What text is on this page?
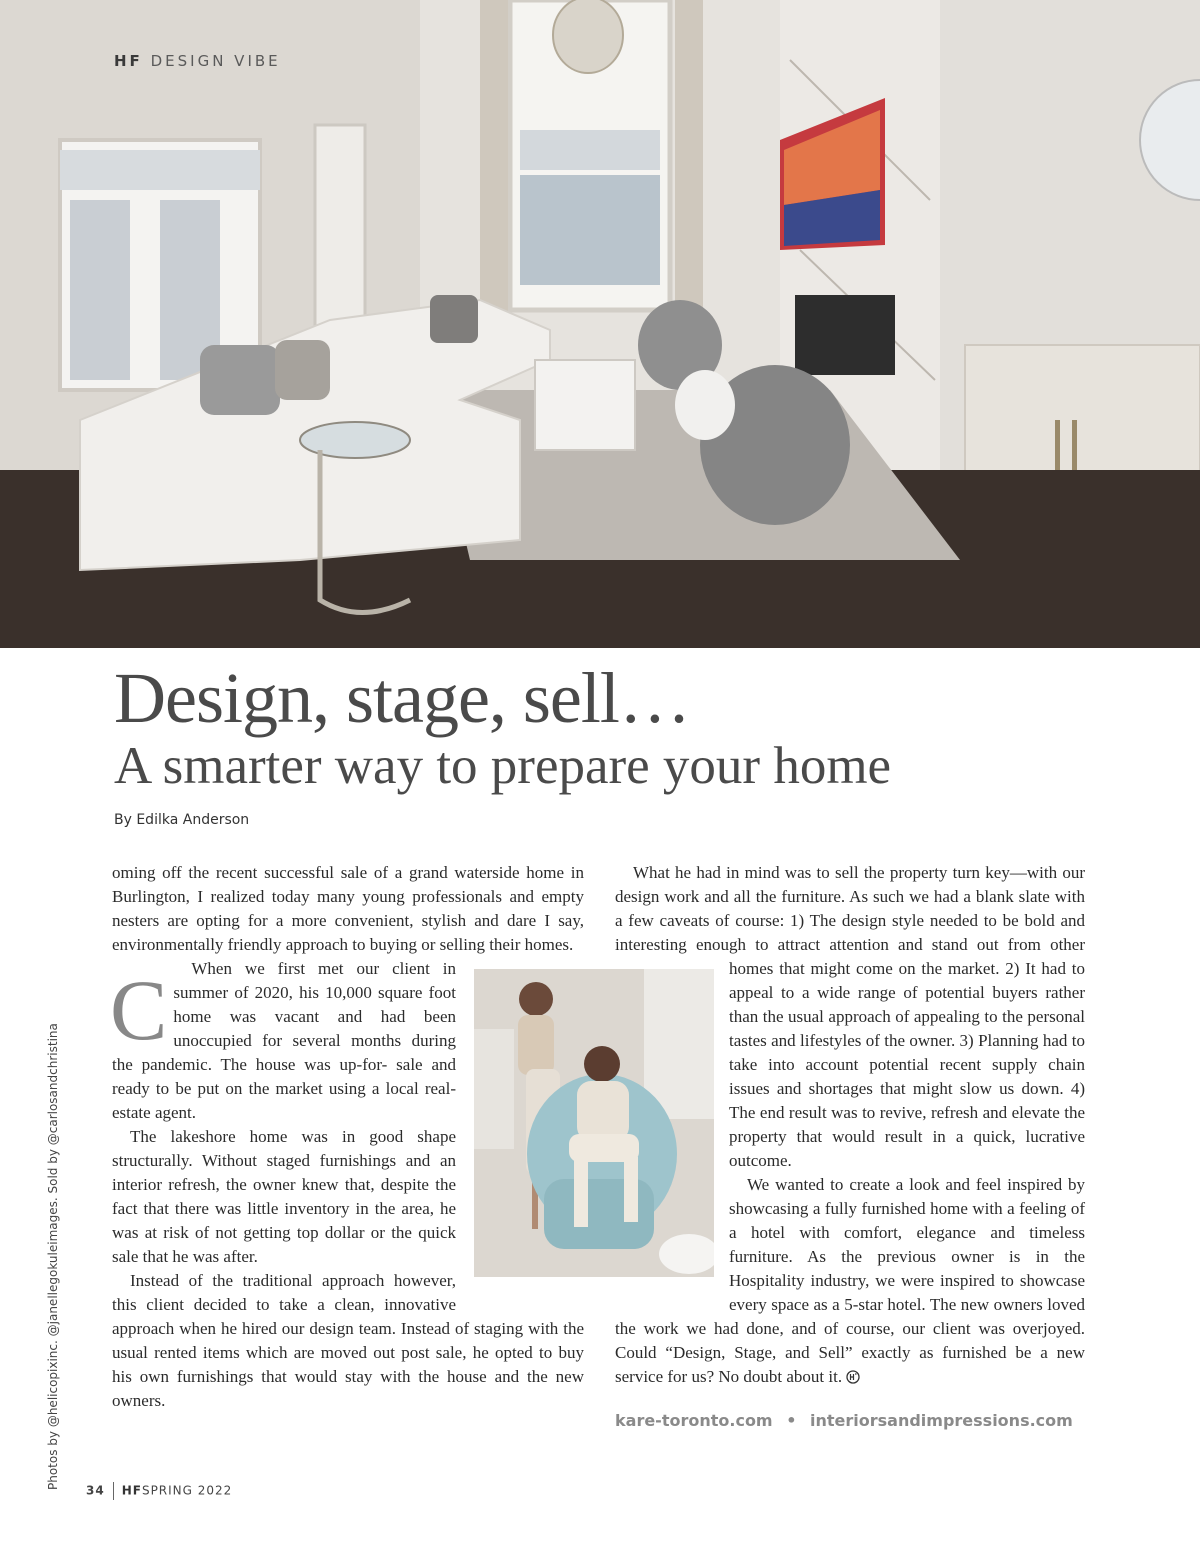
HF DESIGN VIBE
Design, stage, sell…
A smarter way to prepare your home
By Edilka Anderson

C
oming off the recent successful sale of a grand waterside home in Burlington, I realized today many young professionals and empty nesters are opting for a more convenient, stylish and dare I say, environmentally friendly approach to buying or selling their homes.

When we first met our client in summer of 2020, his 10,000 square foot home was vacant and had been unoccupied for several months during the pandemic. The house was up-for- sale and ready to be put on the market using a local real-estate agent.

The lakeshore home was in good shape structurally. Without staged furnishings and an interior refresh, the owner knew that, despite the fact that there was little inventory in the area, he was at risk of not getting top dollar or the quick sale that he was after.

Instead of the traditional approach however, this client decided to take a clean, innovative approach when he hired our design team. Instead of staging with the usual rented items which are moved out post sale, he opted to buy his own furnishings that would stay with the house and the new owners.

What he had in mind was to sell the property turn key—with our design work and all the furniture. As such we had a blank slate with a few caveats of course: 1) The design style needed to be bold and interesting enough to attract attention and stand out from other homes that might come on the market. 2) It had to appeal to a wide range of potential buyers rather than the usual approach of appealing to the personal tastes and lifestyles of the owner. 3) Planning had to take into account potential recent supply chain issues and shortages that might slow us down. 4) The end result was to revive, refresh and elevate the property that would result in a quick, lucrative outcome.

We wanted to create a look and feel inspired by showcasing a fully furnished home with a feeling of a hotel with comfort, elegance and timeless furniture. As the previous owner is in the Hospitality industry, we were inspired to showcase every space as a 5-star hotel. The new owners loved the work we had done, and of course, our client was overjoyed. Could “Design, Stage, and Sell” exactly as furnished be a new service for us? No doubt about it.

kare-toronto.com • interiorsandimpressions.com
Photos by @helicopixinc. @janellegokuleimages. Sold by @carlosandchristina
34 HFSPRING 2022
